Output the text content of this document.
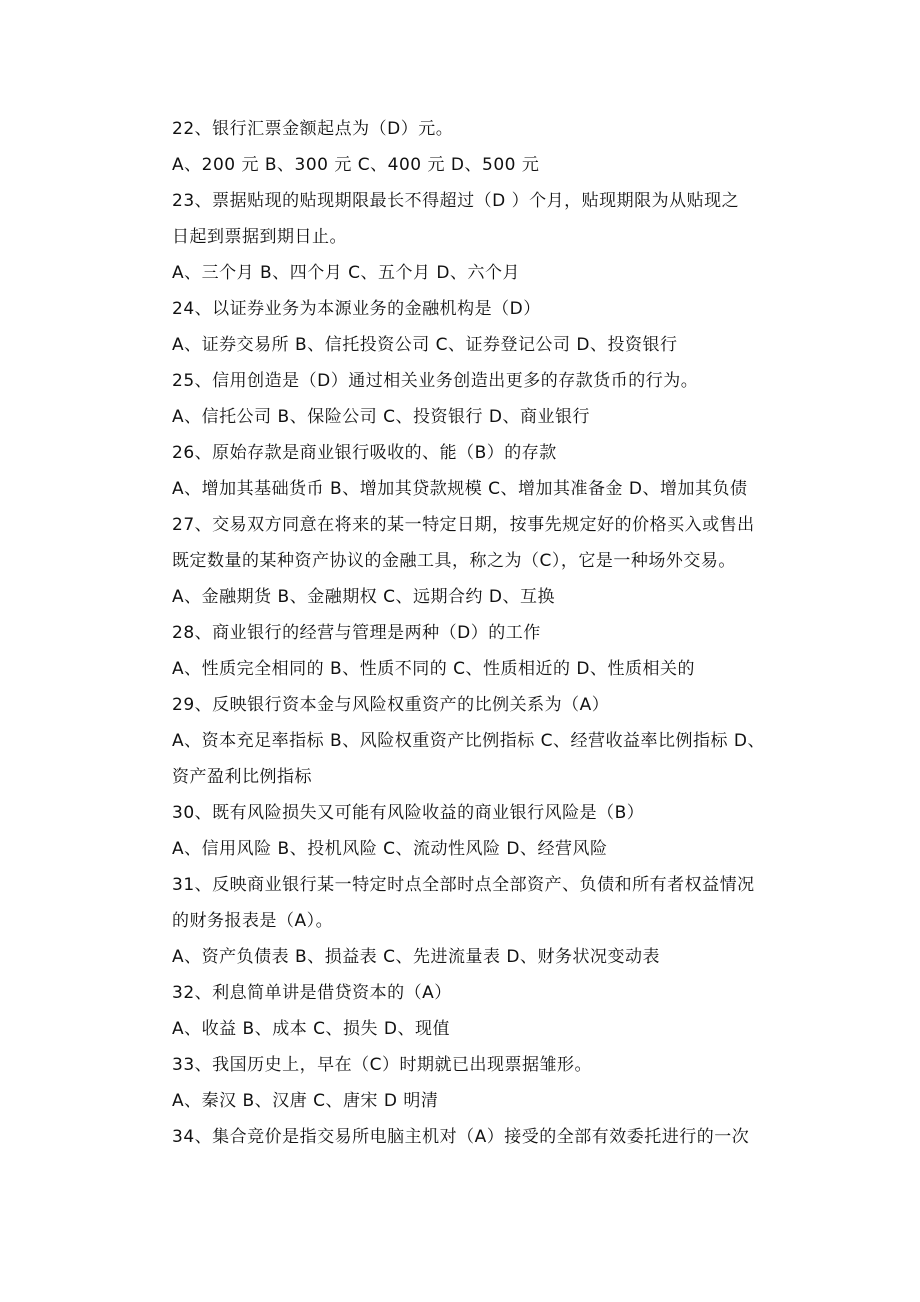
22、银行汇票金额起点为（D）元。
A、200 元 B、300 元 C、400 元 D、500 元
23、票据贴现的贴现期限最长不得超过（D ）个月，贴现期限为从贴现之
日起到票据到期日止。
A、三个月 B、四个月 C、五个月 D、六个月
24、以证券业务为本源业务的金融机构是（D）
A、证券交易所 B、信托投资公司 C、证券登记公司 D、投资银行
25、信用创造是（D）通过相关业务创造出更多的存款货币的行为。
A、信托公司 B、保险公司 C、投资银行 D、商业银行
26、原始存款是商业银行吸收的、能（B）的存款
A、增加其基础货币 B、增加其贷款规模 C、增加其准备金 D、增加其负债
27、交易双方同意在将来的某一特定日期，按事先规定好的价格买入或售出
既定数量的某种资产协议的金融工具，称之为（C），它是一种场外交易。
A、金融期货 B、金融期权 C、远期合约 D、互换
28、商业银行的经营与管理是两种（D）的工作
A、性质完全相同的 B、性质不同的 C、性质相近的 D、性质相关的
29、反映银行资本金与风险权重资产的比例关系为（A）
A、资本充足率指标 B、风险权重资产比例指标 C、经营收益率比例指标 D、
资产盈利比例指标
30、既有风险损失又可能有风险收益的商业银行风险是（B）
A、信用风险 B、投机风险 C、流动性风险 D、经营风险
31、反映商业银行某一特定时点全部时点全部资产、负债和所有者权益情况
的财务报表是（A）。
A、资产负债表 B、损益表 C、先进流量表 D、财务状况变动表
32、利息简单讲是借贷资本的（A）
A、收益 B、成本 C、损失 D、现值
33、我国历史上，早在（C）时期就已出现票据雏形。
A、秦汉 B、汉唐 C、唐宋 D 明清
34、集合竞价是指交易所电脑主机对（A）接受的全部有效委托进行的一次
